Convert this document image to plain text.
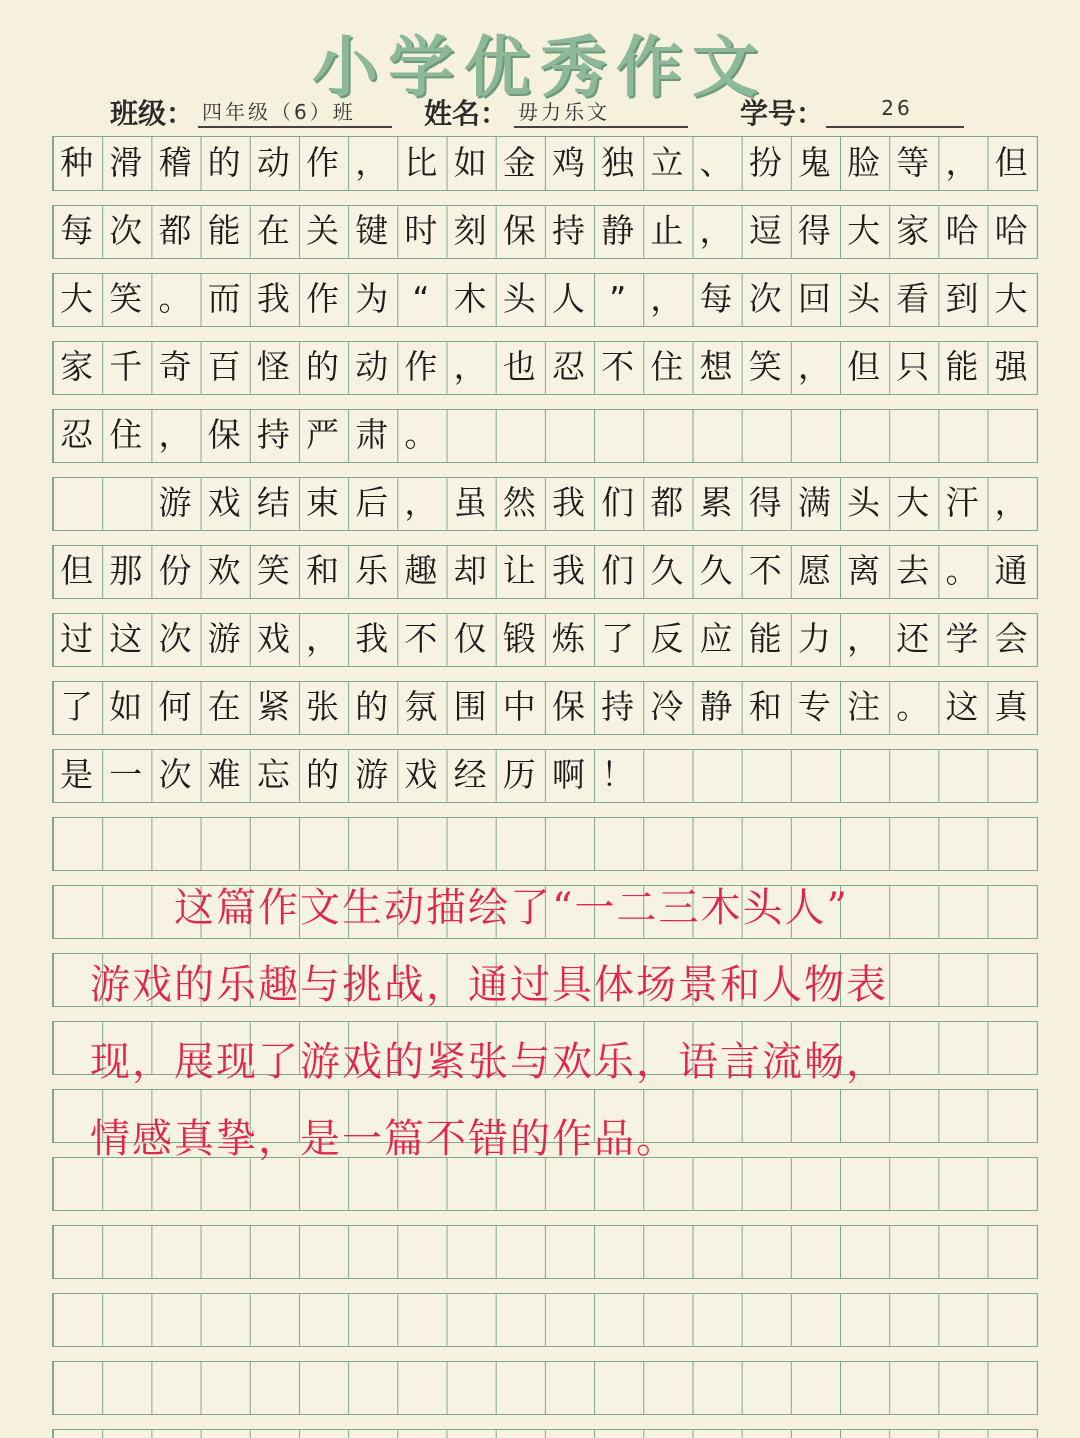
小学优秀作文
班级： 四年级（6）班	姓名： 毋力乐文	学号：	26
种 滑 稽 的 动 作 ， 比 如 金 鸡 独 立 、 扮 鬼 脸 等 ， 但
每 次 都 能 在 关 键 时 刻 保 持 静 止 ， 逗 得 大 家 哈 哈
大 笑 。 而 我 作 为 “ 木 头 人 ” ， 每 次 回 头 看 到 大
家 千 奇 百 怪 的 动 作 ， 也 忍 不 住 想 笑 ， 但 只 能 强
忍 住 ， 保 持 严 肃 。
　　游 戏 结 束 后 ， 虽 然 我 们 都 累 得 满 头 大 汗 ，
但 那 份 欢 笑 和 乐 趣 却 让 我 们 久 久 不 愿 离 去 。 通
过 这 次 游 戏 ， 我 不 仅 锻 炼 了 反 应 能 力 ， 还 学 会
了 如 何 在 紧 张 的 氛 围 中 保 持 冷 静 和 专 注 。 这 真
是 一 次 难 忘 的 游 戏 经 历 啊 ！
　　这篇作文生动描绘了“一二三木头人”
游戏的乐趣与挑战，通过具体场景和人物表
现，展现了游戏的紧张与欢乐，语言流畅，
情感真挚，是一篇不错的作品。
